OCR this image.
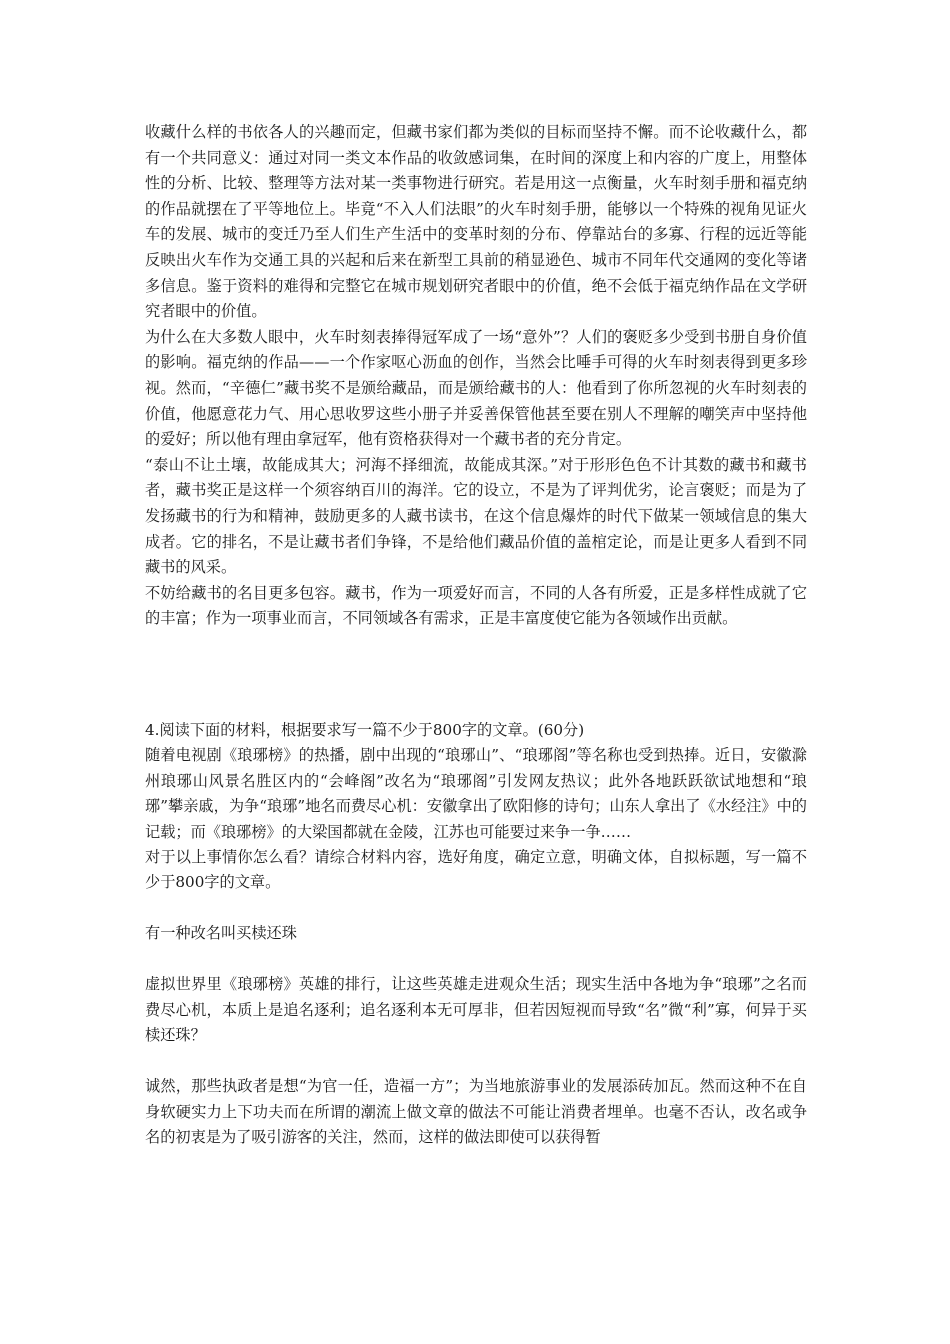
收藏什么样的书依各人的兴趣而定，但藏书家们都为类似的目标而坚持不懈。而不论收藏什么，都有一个共同意义：通过对同一类文本作品的收敛感词集，在时间的深度上和内容的广度上，用整体性的分析、比较、整理等方法对某一类事物进行研究。若是用这一点衡量，火车时刻手册和福克纳的作品就摆在了平等地位上。毕竟“不入人们法眼”的火车时刻手册，能够以一个特殊的视角见证火车的发展、城市的变迁乃至人们生产生活中的变革时刻的分布、停靠站台的多寡、行程的远近等能反映出火车作为交通工具的兴起和后来在新型工具前的稍显逊色、城市不同年代交通网的变化等诸多信息。鉴于资料的难得和完整它在城市规划研究者眼中的价值，绝不会低于福克纳作品在文学研究者眼中的价值。

为什么在大多数人眼中，火车时刻表捧得冠军成了一场“意外”？人们的褒贬多少受到书册自身价值的影响。福克纳的作品——一个作家呕心沥血的创作，当然会比唾手可得的火车时刻表得到更多珍视。然而，“辛德仁”藏书奖不是颁给藏品，而是颁给藏书的人：他看到了你所忽视的火车时刻表的价值，他愿意花力气、用心思收罗这些小册子并妥善保管他甚至要在别人不理解的嘲笑声中坚持他的爱好；所以他有理由拿冠军，他有资格获得对一个藏书者的充分肯定。

“泰山不让土壤，故能成其大；河海不择细流，故能成其深。”对于形形色色不计其数的藏书和藏书者，藏书奖正是这样一个须容纳百川的海洋。它的设立，不是为了评判优劣，论言褒贬；而是为了发扬藏书的行为和精神，鼓励更多的人藏书读书，在这个信息爆炸的时代下做某一领域信息的集大成者。它的排名，不是让藏书者们争锋，不是给他们藏品价值的盖棺定论，而是让更多人看到不同藏书的风采。

不妨给藏书的名目更多包容。藏书，作为一项爱好而言，不同的人各有所爱，正是多样性成就了它的丰富；作为一项事业而言，不同领域各有需求，正是丰富度使它能为各领域作出贡献。

4.阅读下面的材料，根据要求写一篇不少于800字的文章。(60分)

随着电视剧《琅琊榜》的热播，剧中出现的“琅琊山”、“琅琊阁”等名称也受到热捧。近日，安徽滁州琅琊山风景名胜区内的“会峰阁”改名为“琅琊阁”引发网友热议；此外各地跃跃欲试地想和“琅琊”攀亲戚，为争“琅琊”地名而费尽心机：安徽拿出了欧阳修的诗句；山东人拿出了《水经注》中的记载；而《琅琊榜》的大梁国都就在金陵，江苏也可能要过来争一争……

对于以上事情你怎么看？请综合材料内容，选好角度，确定立意，明确文体，自拟标题，写一篇不少于800字的文章。

有一种改名叫买椟还珠

虚拟世界里《琅琊榜》英雄的排行，让这些英雄走进观众生活；现实生活中各地为争“琅琊”之名而费尽心机，本质上是追名逐利；追名逐利本无可厚非，但若因短视而导致“名”微“利”寡，何异于买椟还珠？

诚然，那些执政者是想“为官一任，造福一方”；为当地旅游事业的发展添砖加瓦。然而这种不在自身软硬实力上下功夫而在所谓的潮流上做文章的做法不可能让消费者埋单。也毫不否认，改名或争名的初衷是为了吸引游客的关注，然而，这样的做法即使可以获得暂
